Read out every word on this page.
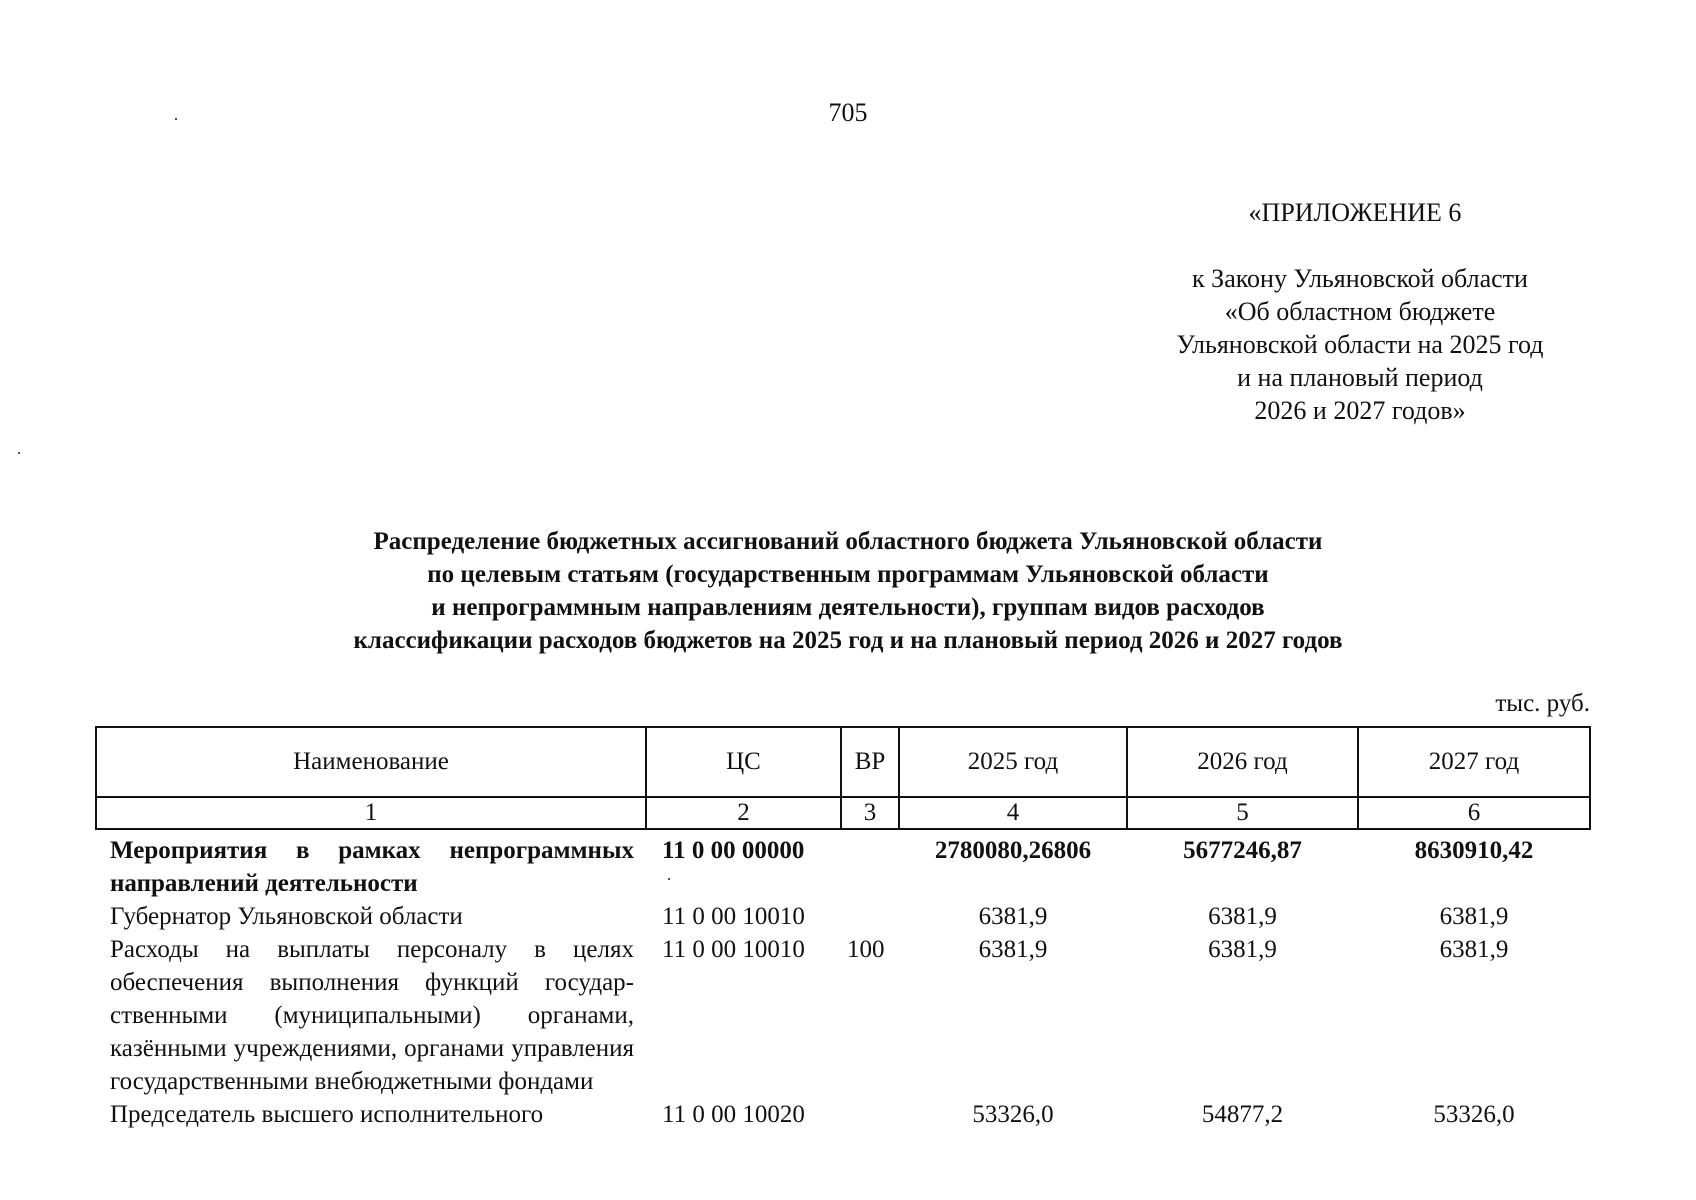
705
«ПРИЛОЖЕНИЕ 6
к Закону Ульяновской области
«Об областном бюджете
Ульяновской области на 2025 год
и на плановый период
2026 и 2027 годов»
Распределение бюджетных ассигнований областного бюджета Ульяновской области
по целевым статьям (государственным программам Ульяновской области
и непрограммным направлениям деятельности), группам видов расходов
классификации расходов бюджетов на 2025 год и на плановый период 2026 и 2027 годов
тыс. руб.
Наименование	ЦС	ВР	2025 год	2026 год	2027 год
1	2	3	4	5	6
Мероприятия в рамках непрограммных направлений деятельности	11 0 00 00000		2780080,26806	5677246,87	8630910,42
Губернатор Ульяновской области	11 0 00 10010		6381,9	6381,9	6381,9
Расходы на выплаты персоналу в целях обеспечения выполнения функций государственными (муниципальными) органами, казёнными учреждениями, органами управления государственными внебюджетными фондами	11 0 00 10010	100	6381,9	6381,9	6381,9
Председатель высшего исполнительного	11 0 00 10020		53326,0	54877,2	53326,0
